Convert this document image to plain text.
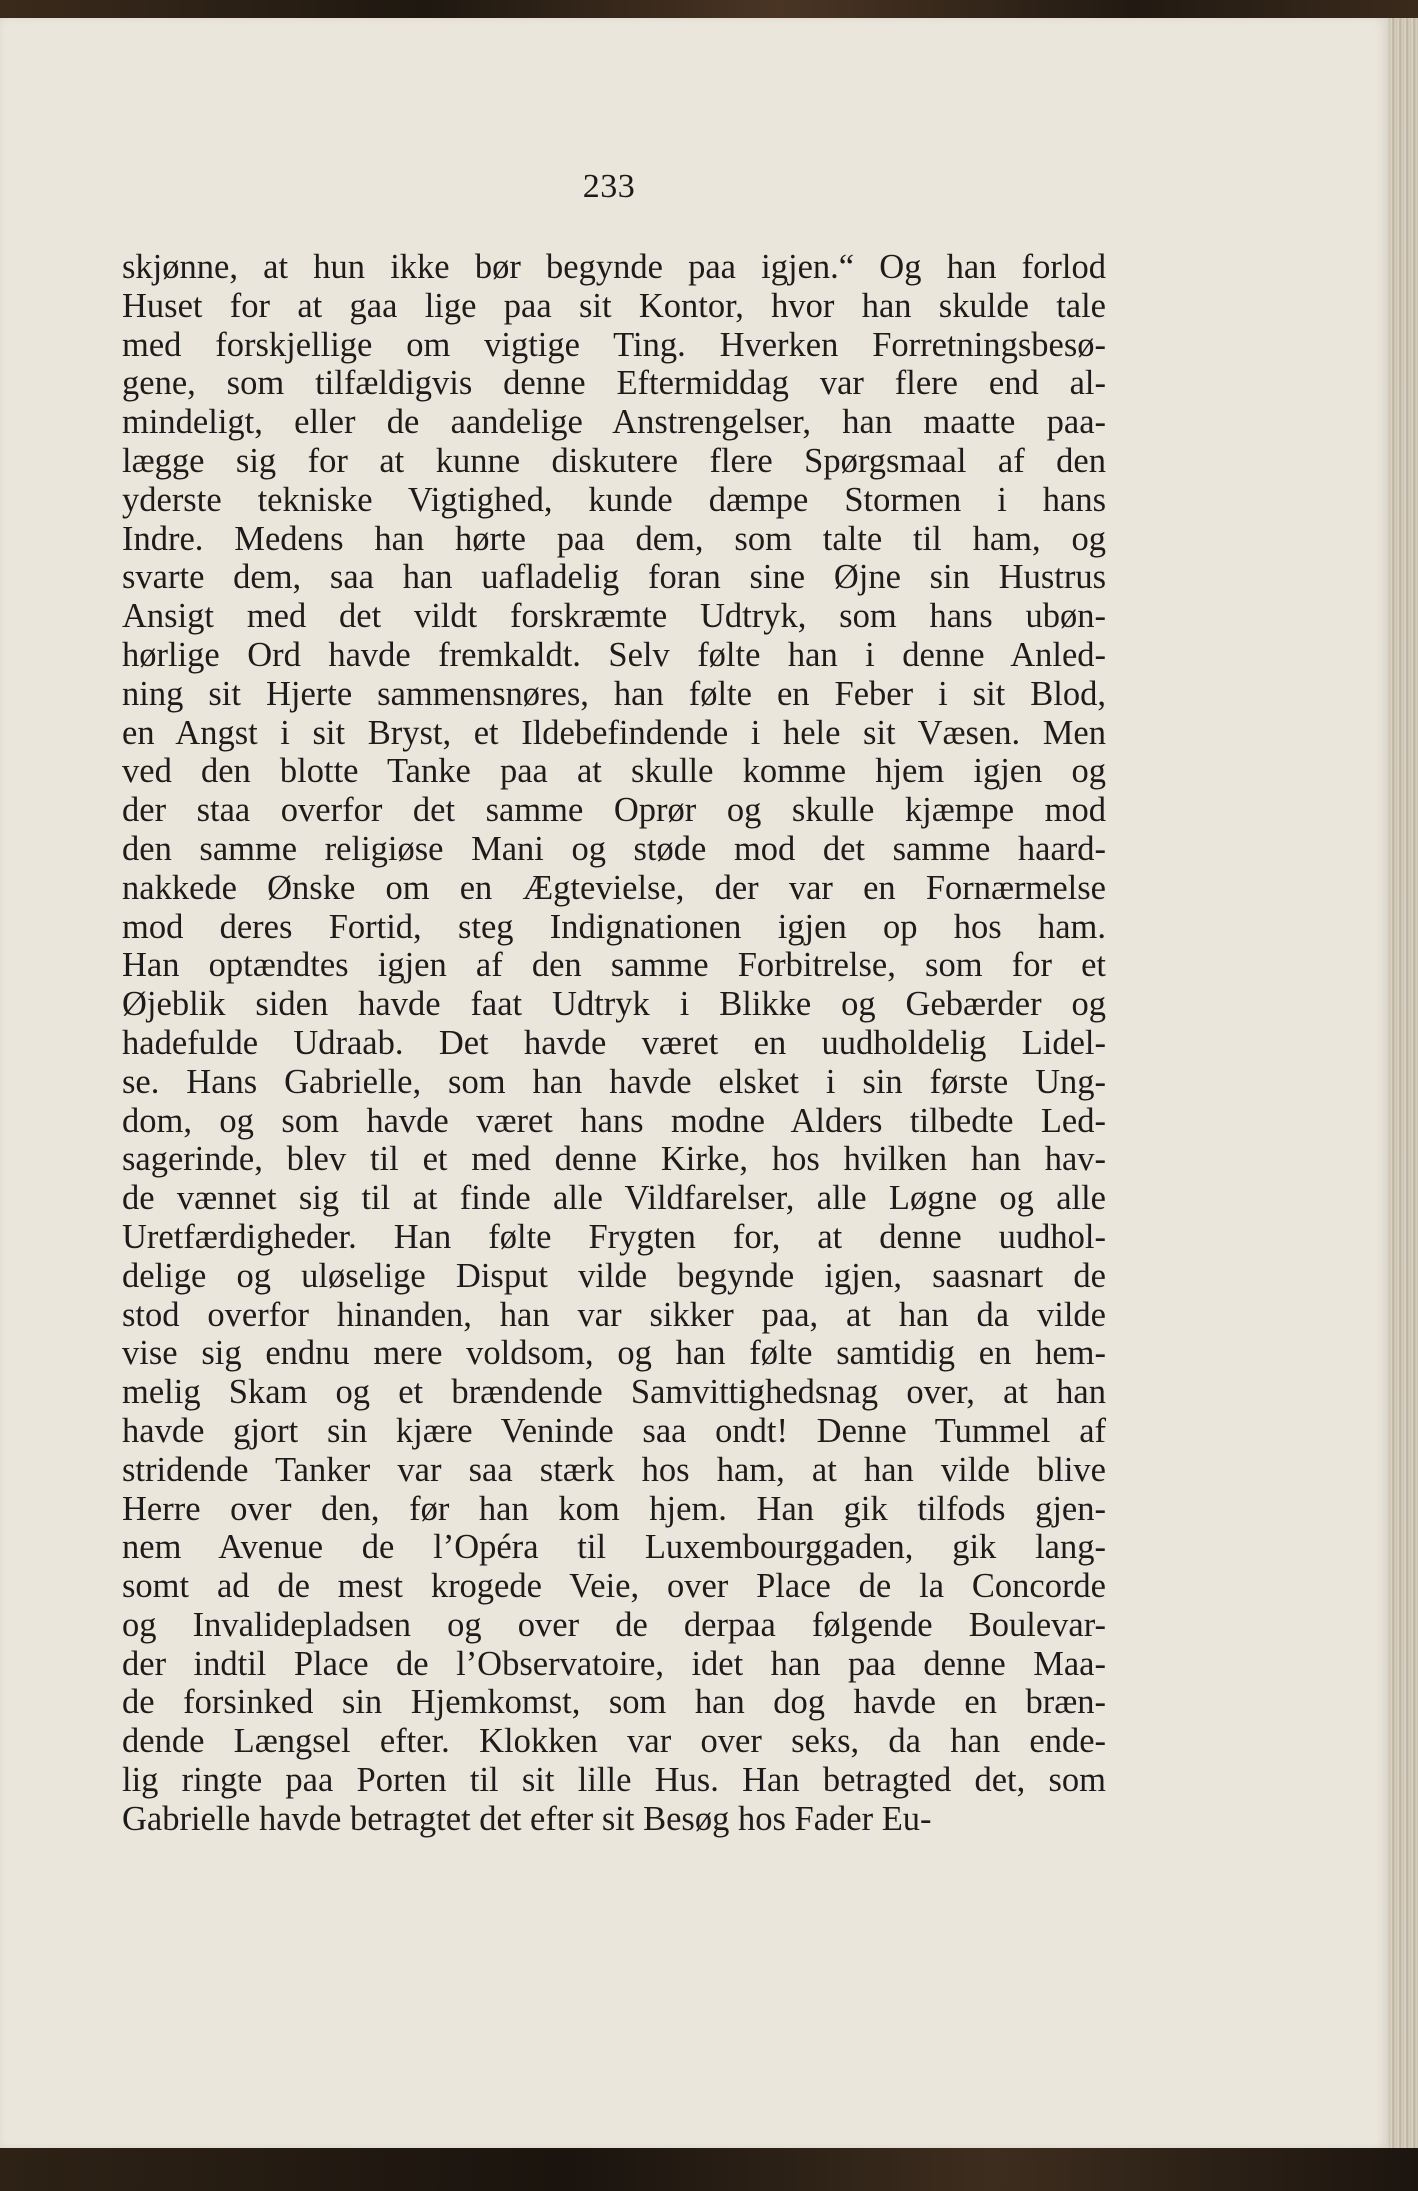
233
skjønne, at hun ikke bør begynde paa igjen.“ Og han forlod
Huset for at gaa lige paa sit Kontor, hvor han skulde tale
med forskjellige om vigtige Ting. Hverken Forretningsbesø-
gene, som tilfældigvis denne Eftermiddag var flere end al-
mindeligt, eller de aandelige Anstrengelser, han maatte paa-
lægge sig for at kunne diskutere flere Spørgsmaal af den
yderste tekniske Vigtighed, kunde dæmpe Stormen i hans
Indre. Medens han hørte paa dem, som talte til ham, og
svarte dem, saa han uafladelig foran sine Øjne sin Hustrus
Ansigt med det vildt forskræmte Udtryk, som hans ubøn-
hørlige Ord havde fremkaldt. Selv følte han i denne Anled-
ning sit Hjerte sammensnøres, han følte en Feber i sit Blod,
en Angst i sit Bryst, et Ildebefindende i hele sit Væsen. Men
ved den blotte Tanke paa at skulle komme hjem igjen og
der staa overfor det samme Oprør og skulle kjæmpe mod
den samme religiøse Mani og støde mod det samme haard-
nakkede Ønske om en Ægtevielse, der var en Fornærmelse
mod deres Fortid, steg Indignationen igjen op hos ham.
Han optændtes igjen af den samme Forbitrelse, som for et
Øjeblik siden havde faat Udtryk i Blikke og Gebærder og
hadefulde Udraab. Det havde været en uudholdelig Lidel-
se. Hans Gabrielle, som han havde elsket i sin første Ung-
dom, og som havde været hans modne Alders tilbedte Led-
sagerinde, blev til et med denne Kirke, hos hvilken han hav-
de vænnet sig til at finde alle Vildfarelser, alle Løgne og alle
Uretfærdigheder. Han følte Frygten for, at denne uudhol-
delige og uløselige Disput vilde begynde igjen, saasnart de
stod overfor hinanden, han var sikker paa, at han da vilde
vise sig endnu mere voldsom, og han følte samtidig en hem-
melig Skam og et brændende Samvittighedsnag over, at han
havde gjort sin kjære Veninde saa ondt! Denne Tummel af
stridende Tanker var saa stærk hos ham, at han vilde blive
Herre over den, før han kom hjem. Han gik tilfods gjen-
nem Avenue de l’Opéra til Luxembourggaden, gik lang-
somt ad de mest krogede Veie, over Place de la Concorde
og Invalidepladsen og over de derpaa følgende Boulevar-
der indtil Place de l’Observatoire, idet han paa denne Maa-
de forsinked sin Hjemkomst, som han dog havde en bræn-
dende Længsel efter. Klokken var over seks, da han ende-
lig ringte paa Porten til sit lille Hus. Han betragted det, som
Gabrielle havde betragtet det efter sit Besøg hos Fader Eu-
